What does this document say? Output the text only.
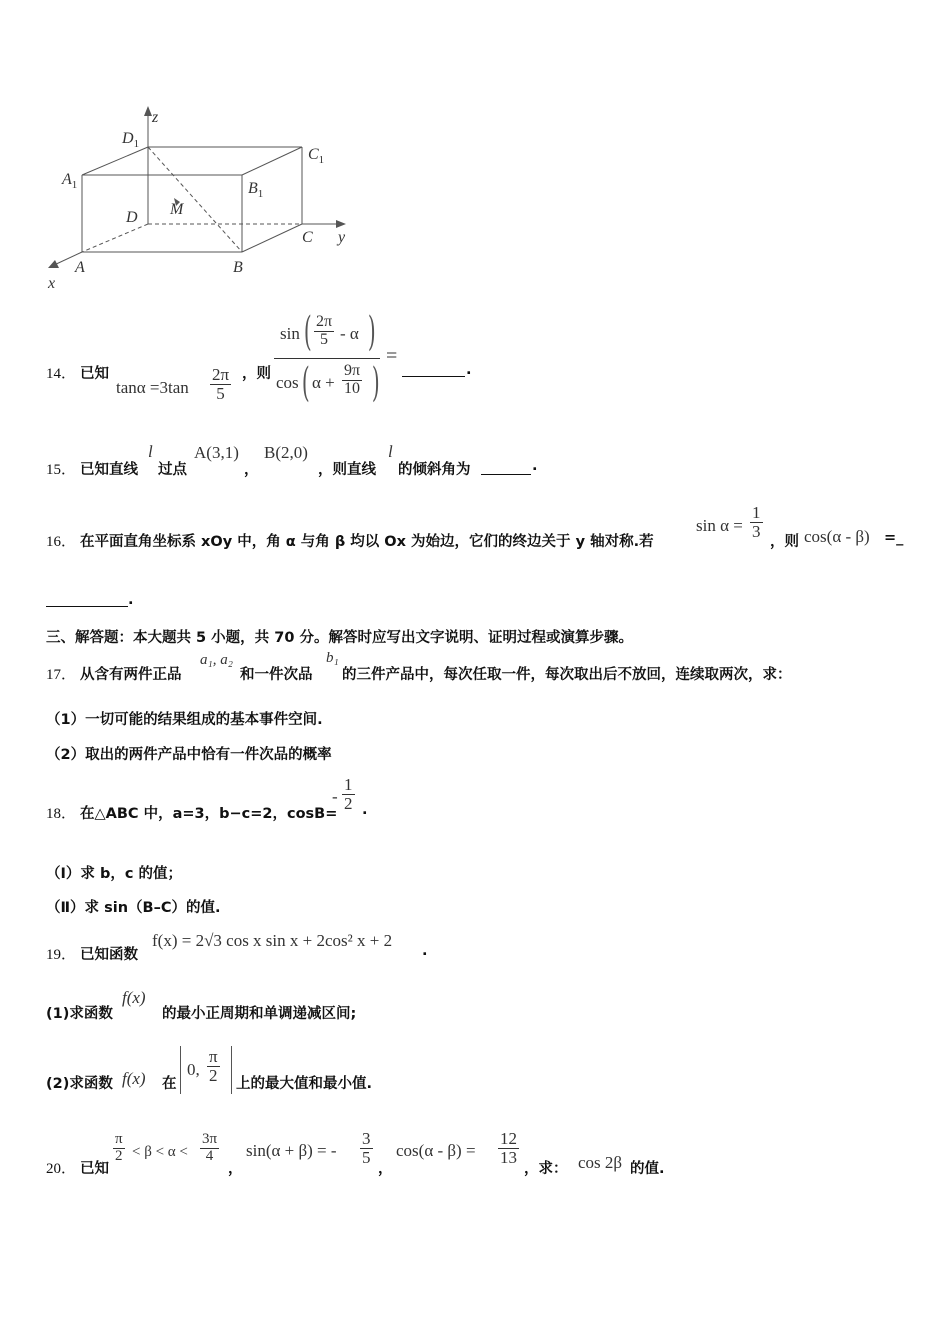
z
y
x
A	B
C
D M
$A_1$	$B_1$
$C_1$
$D_1$
14． 已知
$\tan\alpha =3\tan \frac{2\pi}{5}$ ，则
sin ( $\frac{2\pi}{5}$ - α )
cos ( $\alpha + \frac{9\pi}{10}$ )
=
.
15． 已知直线
l
过点
A(3,1)
，
B(2,0)
，则直线
l
的倾斜角为	.
16． 在平面直角坐标系 xOy 中，角 α 与角 β 均以 Ox 为始边，它们的终边关于 y 轴对称.若
$\sin \alpha = \frac{1}{3}$
，则 cos(α - β) =_
.
三、解答题：本大题共 5 小题，共 70 分。解答时应写出文字说明、证明过程或演算步骤。
17． 从含有两件正品
a₁, a₂
和一件次品
b₁
的三件产品中，每次任取一件，每次取出后不放回，连续取两次，求：
（1）一切可能的结果组成的基本事件空间.
（2）取出的两件产品中恰有一件次品的概率
18． 在△ABC 中，a=3，b−c=2，cosB=
- $\frac{1}{2}$ .
（Ⅰ）求 b，c 的值；
（Ⅱ）求 sin（B–C）的值.
19． 已知函数
f(x) = 2√3 cos x sin x + 2cos² x + 2
.
(1)求函数
f(x)
的最小正周期和单调递减区间;
(2)求函数 f(x) 在
0, $\frac{\pi}{2}$ 上的最大值和最小值.
20． 已知
$\frac{\pi}{2} < \beta < \alpha < \frac{3\pi}{4}$
，
sin(α + β) = - $\frac{3}{5}$
，
$\cos(\alpha - \beta) = \frac{12}{13}$
，求： cos 2β 的值.
